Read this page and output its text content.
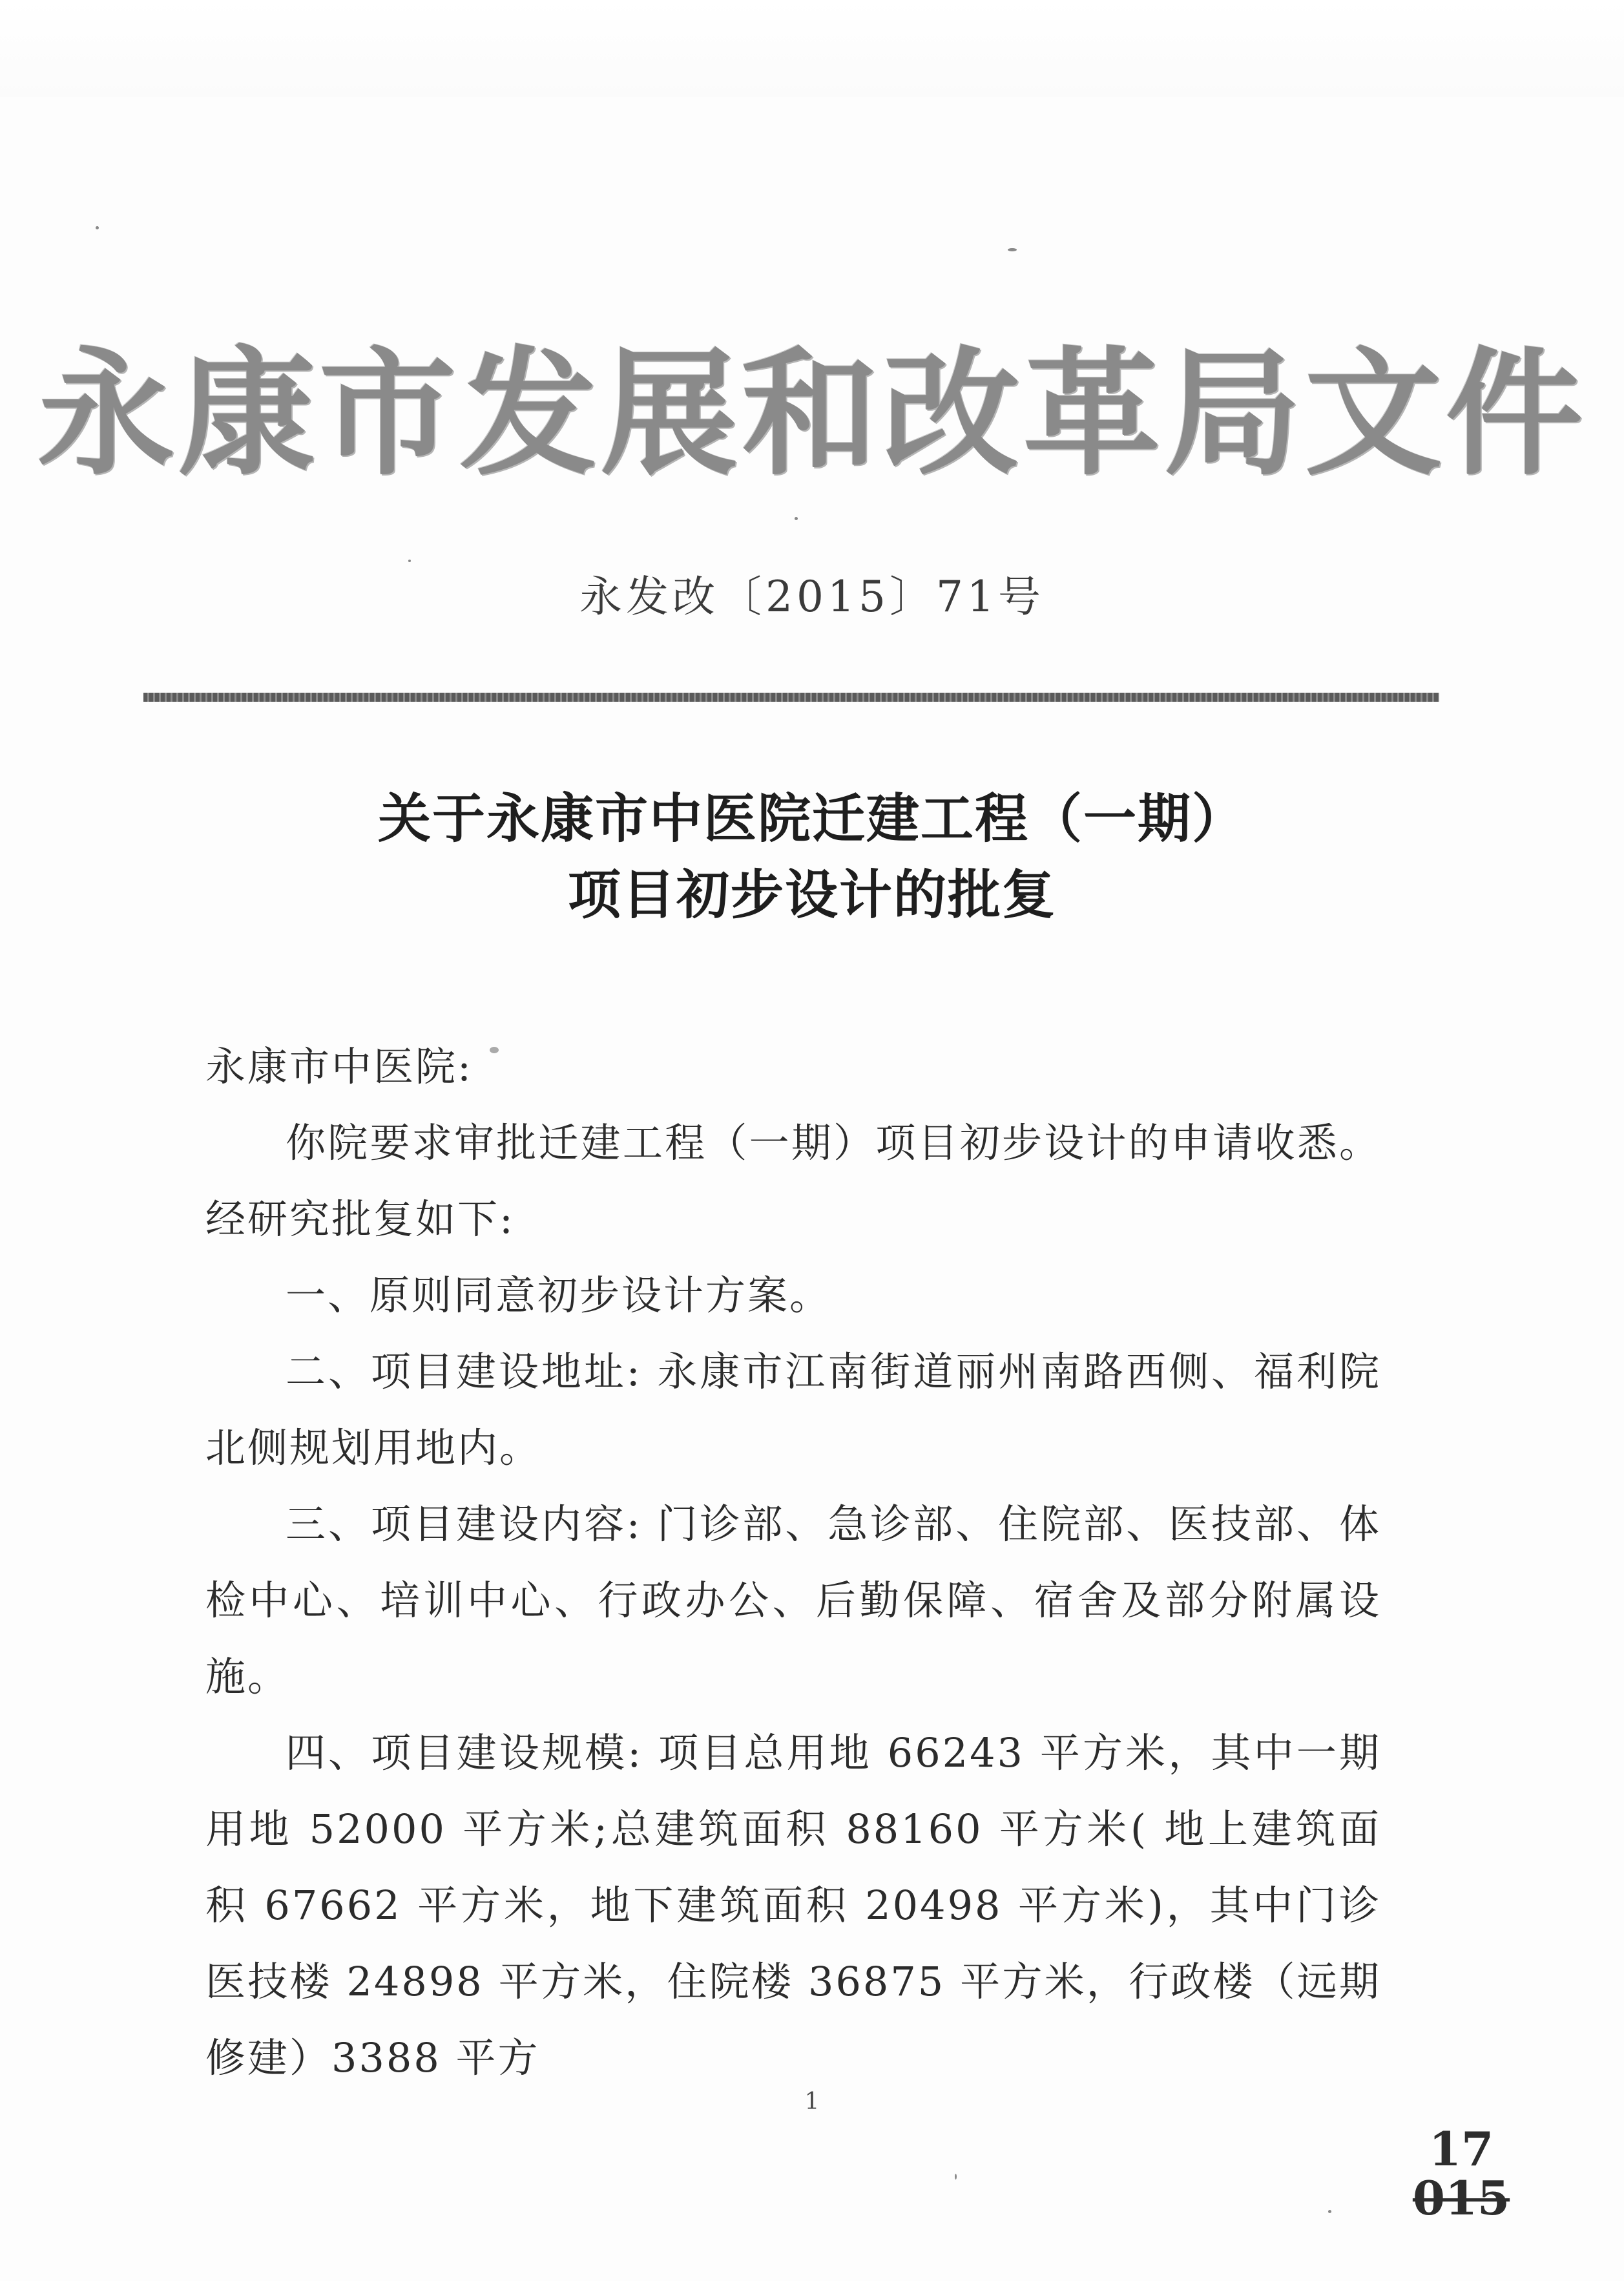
永康市发展和改革局文件
永发改〔2015〕71号
关于永康市中医院迁建工程（一期）
项目初步设计的批复

永康市中医院:

你院要求审批迁建工程（一期）项目初步设计的申请收悉。经研究批复如下:

一、原则同意初步设计方案。

二、项目建设地址: 永康市江南街道丽州南路西侧、福利院北侧规划用地内。

三、项目建设内容: 门诊部、急诊部、住院部、医技部、体检中心、培训中心、行政办公、后勤保障、宿舍及部分附属设施。

四、项目建设规模: 项目总用地 66243 平方米，其中一期用地 52000 平方米;总建筑面积 88160 平方米( 地上建筑面积 67662 平方米，地下建筑面积 20498 平方米)，其中门诊医技楼 24898 平方米，住院楼 36875 平方米，行政楼（远期修建）3388 平方

1
17
015
